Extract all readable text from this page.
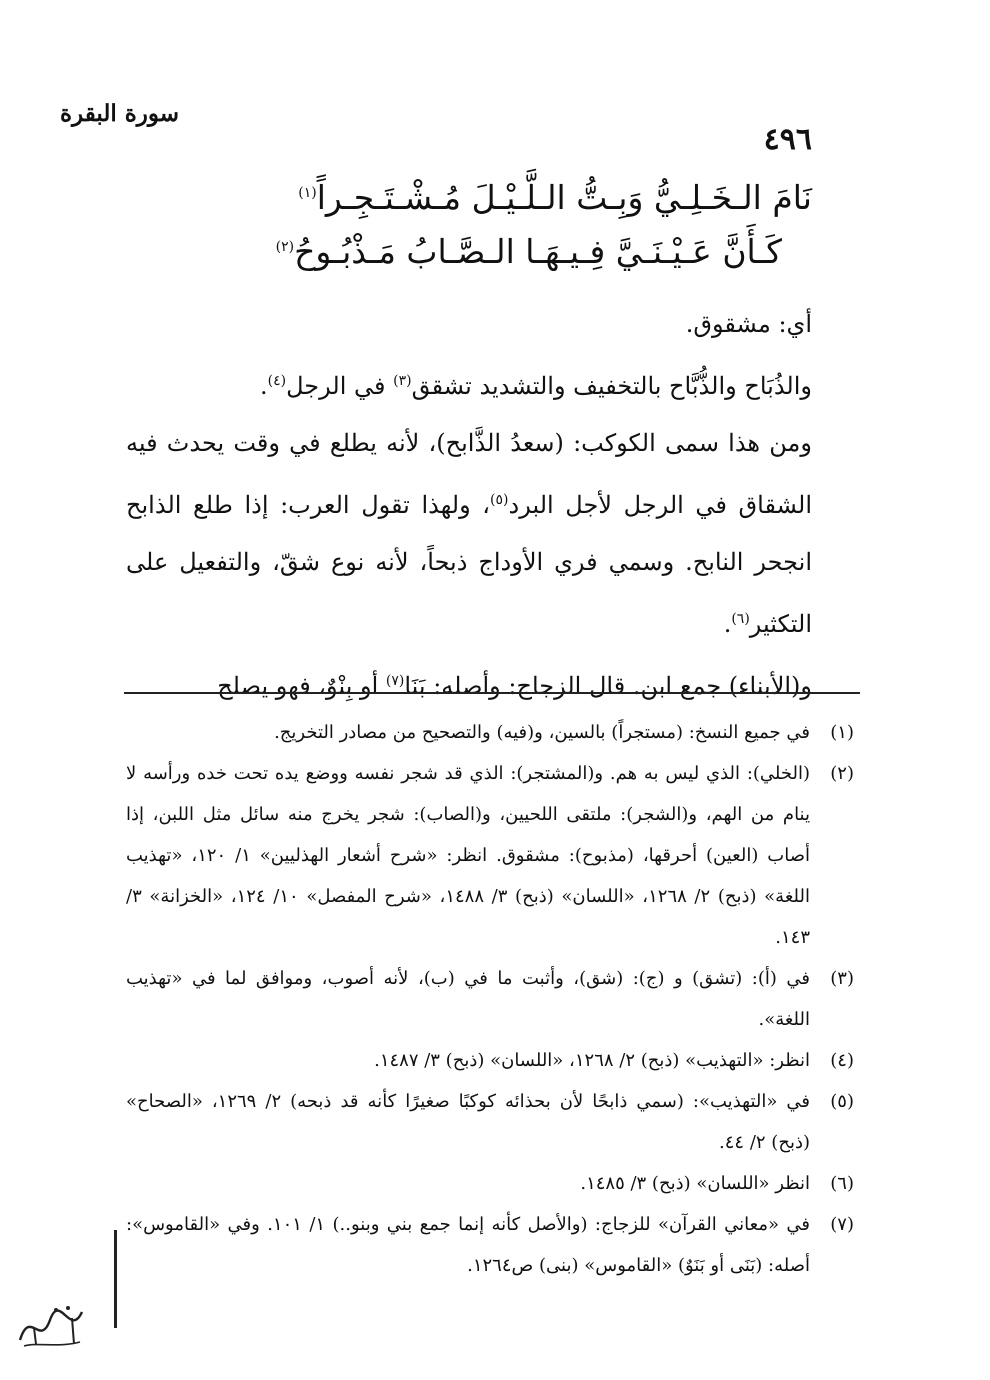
سورة البقرة
٤٩٦
نَامَ الـخَـلِـيُّ وَبِـتُّ الـلَّـيْـلَ مُـشْـتَـجِـراً$^{(١)}$
كَـأَنَّ عَـيْـنَـيَّ فِـيـهَـا الـصَّـابُ مَـذْبُـوحُ$^{(٢)}$

أي: مشقوق.

والذُبَاح والذُّبَّاح بالتخفيف والتشديد تشقق$^{(٣)}$ في الرجل$^{(٤)}$.

ومن هذا سمى الكوكب: (سعدُ الذَّابح)، لأنه يطلع في وقت يحدث فيه الشقاق في الرجل لأجل البرد$^{(٥)}$، ولهذا تقول العرب: إذا طلع الذابح انجحر النابح. وسمي فري الأوداج ذبحاً، لأنه نوع شقّ، والتفعيل على التكثير$^{(٦)}$.

و(الأبناء) جمع ابن. قال الزجاج: وأصله: بَنَا$^{(٧)}$ أو بِنْوٌ، فهو يصلح

(١)
في جميع النسخ: (مستجراً) بالسين، و(فيه) والتصحيح من مصادر التخريج.
(٢)
(الخلي): الذي ليس به هم. و(المشتجر): الذي قد شجر نفسه ووضع يده تحت خده ورأسه لا ينام من الهم، و(الشجر): ملتقى اللحيين، و(الصاب): شجر يخرج منه سائل مثل اللبن، إذا أصاب (العين) أحرقها، (مذبوح): مشقوق. انظر: «شرح أشعار الهذليين» ١/ ١٢٠، «تهذيب اللغة» (ذبح) ٢/ ١٢٦٨، «اللسان» (ذبح) ٣/ ١٤٨٨، «شرح المفصل» ١٠/ ١٢٤، «الخزانة» ٣/ ١٤٣.
(٣)
في (أ): (تشق) و (ج): (شق)، وأثبت ما في (ب)، لأنه أصوب، وموافق لما في «تهذيب اللغة».
(٤)
انظر: «التهذيب» (ذبح) ٢/ ١٢٦٨، «اللسان» (ذبح) ٣/ ١٤٨٧.
(٥)
في «التهذيب»: (سمي ذابحًا لأن بحذائه كوكبًا صغيرًا كأنه قد ذبحه) ٢/ ١٢٦٩، «الصحاح» (ذبح) ٢/ ٤٤.
(٦)
انظر «اللسان» (ذبح) ٣/ ١٤٨٥.
(٧)
في «معاني القرآن» للزجاج: (والأصل كأنه إنما جمع بني وبنو..) ١/ ١٠١. وفي «القاموس»: أصله: (بَنَى أو بَنَوٌ) «القاموس» (بنى) ص١٢٦٤.
